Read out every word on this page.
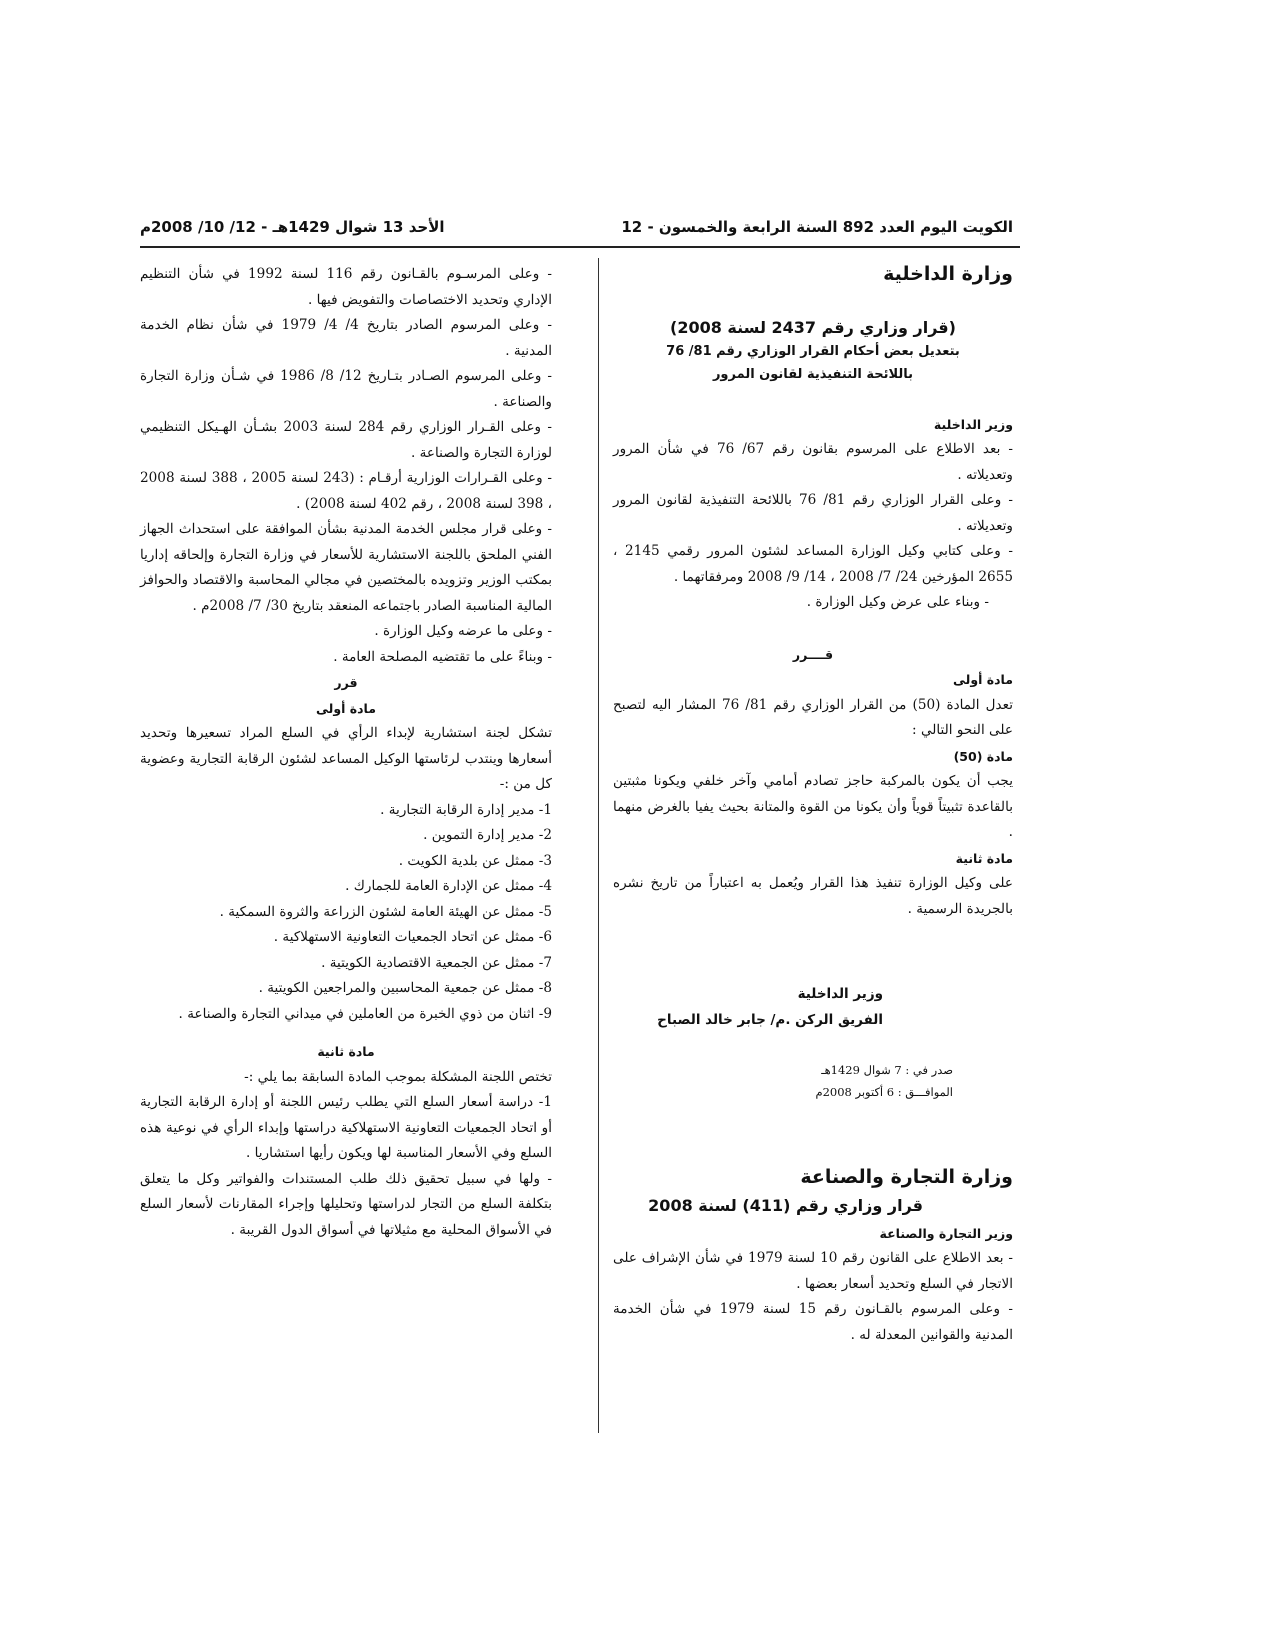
الكويت اليوم العدد 892 السنة الرابعة والخمسون - 12
الأحد 13 شوال 1429هـ - 12/ 10/ 2008م

وزارة الداخلية

(قرار وزاري رقم 2437 لسنة 2008)

بتعديل بعض أحكام القرار الوزاري رقم 81/ 76

باللائحة التنفيذية لقانون المرور

وزير الداخلية

- بعد الاطلاع على المرسوم بقانون رقم 67/ 76 في شأن المرور وتعديلاته .

- وعلى القرار الوزاري رقم 81/ 76 باللائحة التنفيذية لقانون المرور وتعديلاته .

- وعلى كتابي وكيل الوزارة المساعد لشئون المرور رقمي 2145 ، 2655 المؤرخين 24/ 7/ 2008 ، 14/ 9/ 2008 ومرفقاتهما .

- وبناء على عرض وكيل الوزارة .

قــــرر

مادة أولى

تعدل المادة (50) من القرار الوزاري رقم 81/ 76 المشار اليه لتصبح على النحو التالي :

مادة (50)

يجب أن يكون بالمركبة حاجز تصادم أمامي وآخر خلفي ويكونا مثبتين بالقاعدة تثبيتاً قوياً وأن يكونا من القوة والمتانة بحيث يفيا بالغرض منهما .

مادة ثانية

على وكيل الوزارة تنفيذ هذا القرار ويُعمل به اعتباراً من تاريخ نشره بالجريدة الرسمية .

وزير الداخلية

الفريق الركن .م/ جابر خالد الصباح

صدر في : 7 شوال 1429هـ

الموافـــق : 6 أكتوبر 2008م

وزارة التجارة والصناعة

قرار وزاري رقم (411) لسنة 2008

وزير التجارة والصناعة

- بعد الاطلاع على القانون رقم 10 لسنة 1979 في شأن الإشراف على الاتجار في السلع وتحديد أسعار بعضها .

- وعلى المرسوم بالقـانون رقم 15 لسنة 1979 في شأن الخدمة المدنية والقوانين المعدلة له .

- وعلى المرسـوم بالقـانون رقم 116 لسنة 1992 في شأن التنظيم الإداري وتحديد الاختصاصات والتفويض فيها .

- وعلى المرسوم الصادر بتاريخ 4/ 4/ 1979 في شأن نظام الخدمة المدنية .

- وعلى المرسوم الصـادر بتـاريخ 12/ 8/ 1986 في شـأن وزارة التجارة والصناعة .

- وعلى القـرار الوزاري رقم 284 لسنة 2003 بشـأن الهـيكل التنظيمي لوزارة التجارة والصناعة .

- وعلى القـرارات الوزارية أرقـام : (243 لسنة 2005 ، 388 لسنة 2008 ، 398 لسنة 2008 ، رقم 402 لسنة 2008) .

- وعلى قرار مجلس الخدمة المدنية بشأن الموافقة على استحداث الجهاز الفني الملحق باللجنة الاستشارية للأسعار في وزارة التجارة وإلحاقه إداريا بمكتب الوزير وتزويده بالمختصين في مجالي المحاسبة والاقتصاد والحوافز المالية المناسبة الصادر باجتماعه المنعقد بتاريخ 30/ 7/ 2008م .

- وعلى ما عرضه وكيل الوزارة .

- وبناءً على ما تقتضيه المصلحة العامة .

قرر

مادة أولى

تشكل لجنة استشارية لإبداء الرأي في السلع المراد تسعيرها وتحديد أسعارها وينتدب لرئاستها الوكيل المساعد لشئون الرقابة التجارية وعضوية كل من :-

1- مدير إدارة الرقابة التجارية .

2- مدير إدارة التموين .

3- ممثل عن بلدية الكويت .

4- ممثل عن الإدارة العامة للجمارك .

5- ممثل عن الهيئة العامة لشئون الزراعة والثروة السمكية .

6- ممثل عن اتحاد الجمعيات التعاونية الاستهلاكية .

7- ممثل عن الجمعية الاقتصادية الكويتية .

8- ممثل عن جمعية المحاسبين والمراجعين الكويتية .

9- اثنان من ذوي الخبرة من العاملين في ميداني التجارة والصناعة .

مادة ثانية

تختص اللجنة المشكلة بموجب المادة السابقة بما يلي :-

1- دراسة أسعار السلع التي يطلب رئيس اللجنة أو إدارة الرقابة التجارية أو اتحاد الجمعيات التعاونية الاستهلاكية دراستها وإبداء الرأي في نوعية هذه السلع وفي الأسعار المناسبة لها ويكون رأيها استشاريا .

- ولها في سبيل تحقيق ذلك طلب المستندات والفواتير وكل ما يتعلق بتكلفة السلع من التجار لدراستها وتحليلها وإجراء المقارنات لأسعار السلع في الأسواق المحلية مع مثيلاتها في أسواق الدول القريبة .
